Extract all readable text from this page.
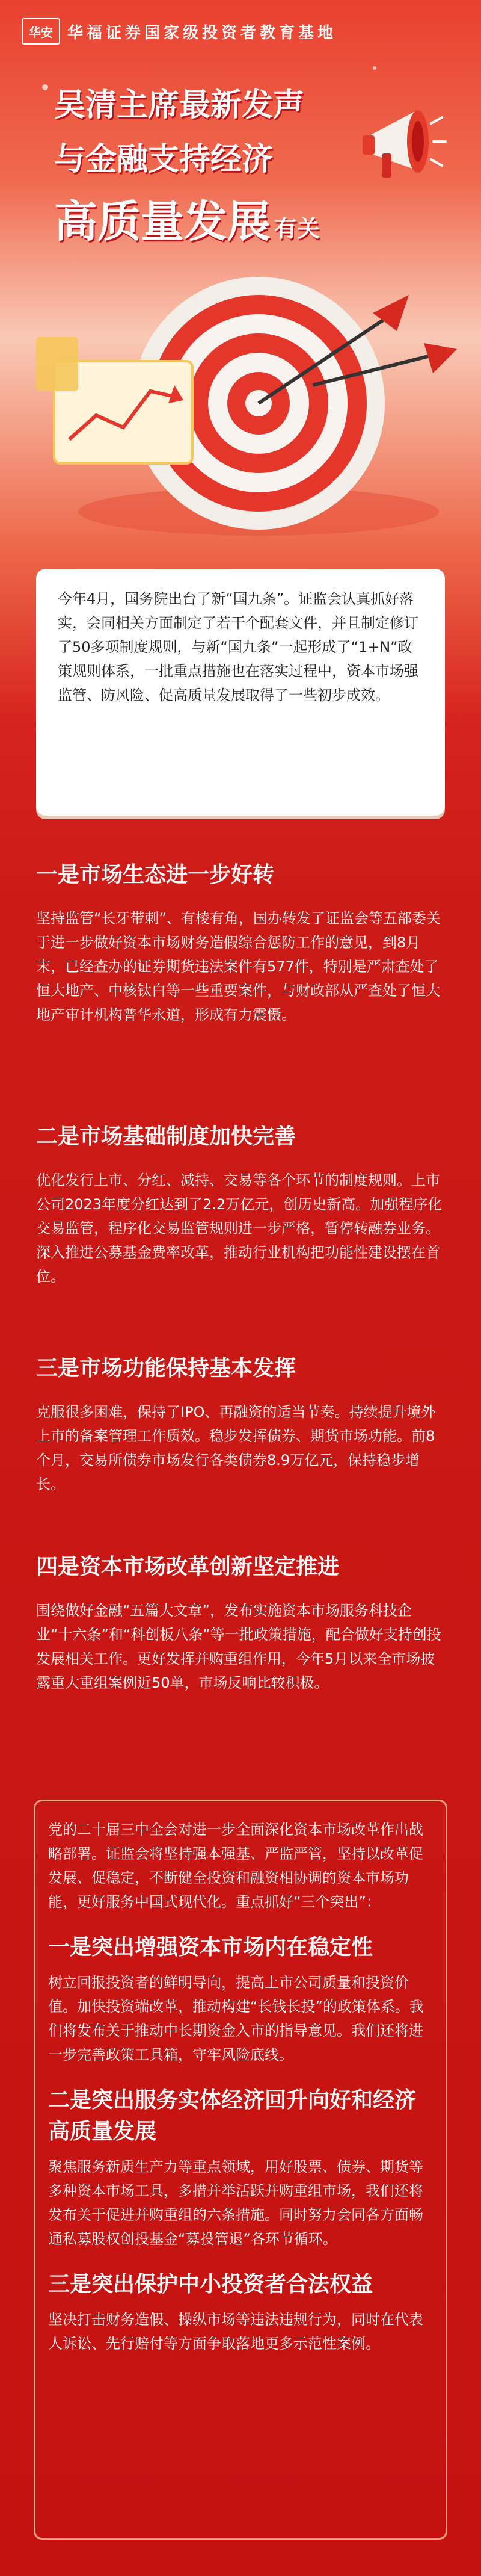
华安 华福证券国家级投资者教育基地
吴清主席最新发声
与金融支持经济
高质量发展 有关

今年4月，国务院出台了新“国九条”。证监会认真抓好落实，会同相关方面制定了若干个配套文件，并且制定修订了50多项制度规则，与新“国九条”一起形成了“1+N”政策规则体系，一批重点措施也在落实过程中，资本市场强监管、防风险、促高质量发展取得了一些初步成效。

一是市场生态进一步好转
坚持监管“长牙带刺”、有棱有角，国办转发了证监会等五部委关于进一步做好资本市场财务造假综合惩防工作的意见，到8月末，已经查办的证券期货违法案件有577件，特别是严肃查处了恒大地产、中核钛白等一些重要案件，与财政部从严查处了恒大地产审计机构普华永道，形成有力震慑。
二是市场基础制度加快完善
优化发行上市、分红、减持、交易等各个环节的制度规则。上市公司2023年度分红达到了2.2万亿元，创历史新高。加强程序化交易监管，程序化交易监管规则进一步严格，暂停转融券业务。深入推进公募基金费率改革，推动行业机构把功能性建设摆在首位。
三是市场功能保持基本发挥
克服很多困难，保持了IPO、再融资的适当节奏。持续提升境外上市的备案管理工作质效。稳步发挥债券、期货市场功能。前8个月，交易所债券市场发行各类债券8.9万亿元，保持稳步增长。
四是资本市场改革创新坚定推进
围绕做好金融“五篇大文章”，发布实施资本市场服务科技企业“十六条”和“科创板八条”等一批政策措施，配合做好支持创投发展相关工作。更好发挥并购重组作用，今年5月以来全市场披露重大重组案例近50单，市场反响比较积极。

党的二十届三中全会对进一步全面深化资本市场改革作出战略部署。证监会将坚持强本强基、严监严管，坚持以改革促发展、促稳定，不断健全投资和融资相协调的资本市场功能，更好服务中国式现代化。重点抓好“三个突出”：

一是突出增强资本市场内在稳定性

树立回报投资者的鲜明导向，提高上市公司质量和投资价值。加快投资端改革，推动构建“长钱长投”的政策体系。我们将发布关于推动中长期资金入市的指导意见。我们还将进一步完善政策工具箱，守牢风险底线。

二是突出服务实体经济回升向好和经济高质量发展

聚焦服务新质生产力等重点领域，用好股票、债券、期货等多种资本市场工具，多措并举活跃并购重组市场，我们还将发布关于促进并购重组的六条措施。同时努力会同各方面畅通私募股权创投基金“募投管退”各环节循环。

三是突出保护中小投资者合法权益

坚决打击财务造假、操纵市场等违法违规行为，同时在代表人诉讼、先行赔付等方面争取落地更多示范性案例。
